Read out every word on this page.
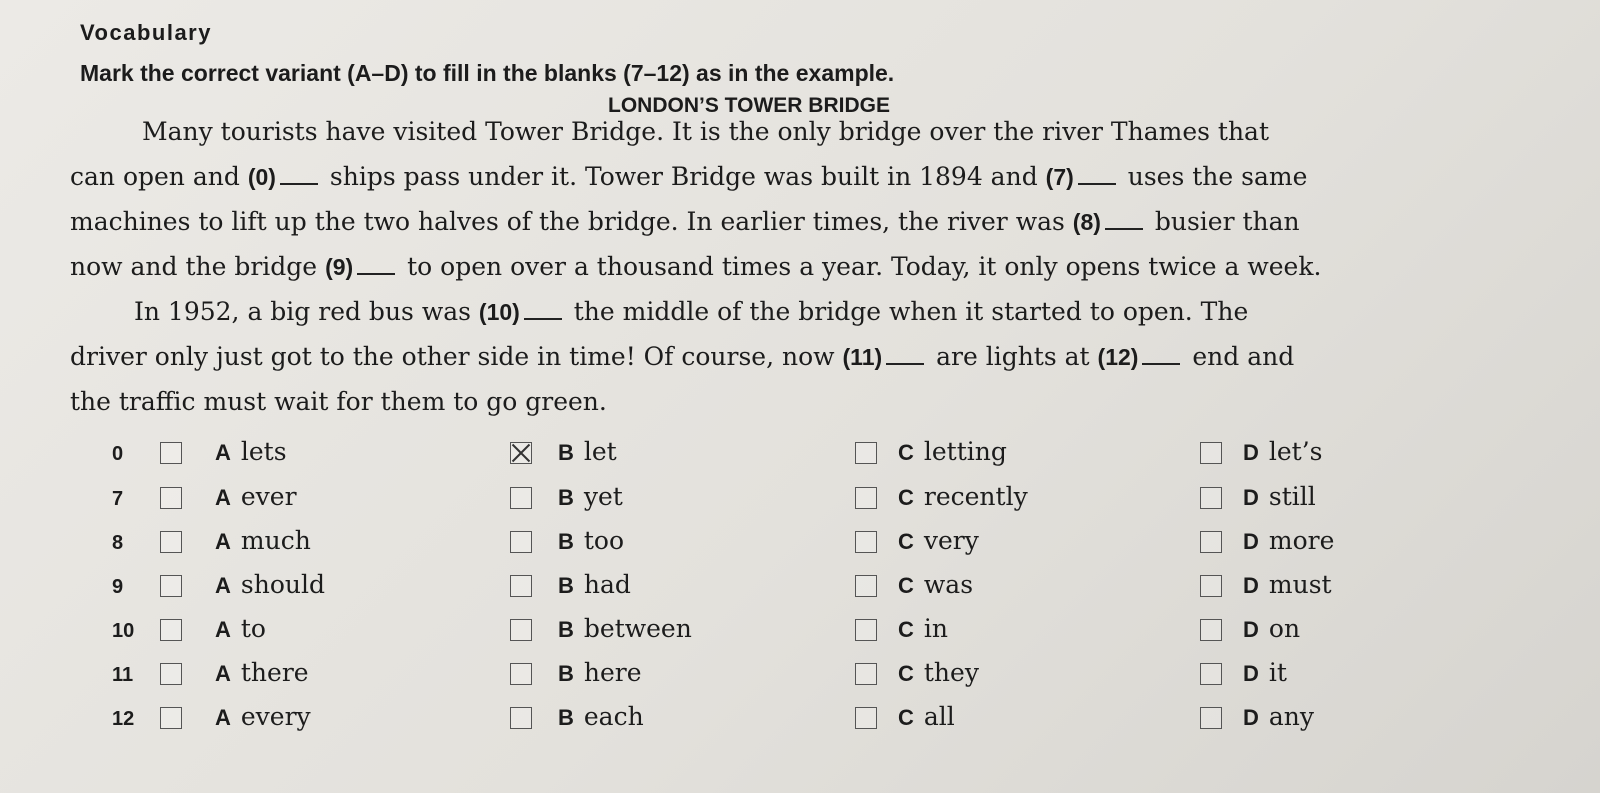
Vocabulary
Mark the correct variant (A–D) to fill in the blanks (7–12) as in the example.
LONDON’S TOWER BRIDGE
Many tourists have visited Tower Bridge. It is the only bridge over the river Thames that
can open and (0) ships pass under it. Tower Bridge was built in 1894 and (7) uses the same
machines to lift up the two halves of the bridge. In earlier times, the river was (8) busier than
now and the bridge (9) to open over a thousand times a year. Today, it only opens twice a week.
In 1952, a big red bus was (10) the middle of the bridge when it started to open. The
driver only just got to the other side in time! Of course, now (11) are lights at (12) end and
the traffic must wait for them to go green.
0	A lets	B let	C letting	D let’s
7	A ever	B yet	C recently	D still
8	A much	B too	C very	D more
9	A should	B had	C was	D must
10	A to	B between	C in	D on
11	A there	B here	C they	D it
12	A every	B each	C all	D any
